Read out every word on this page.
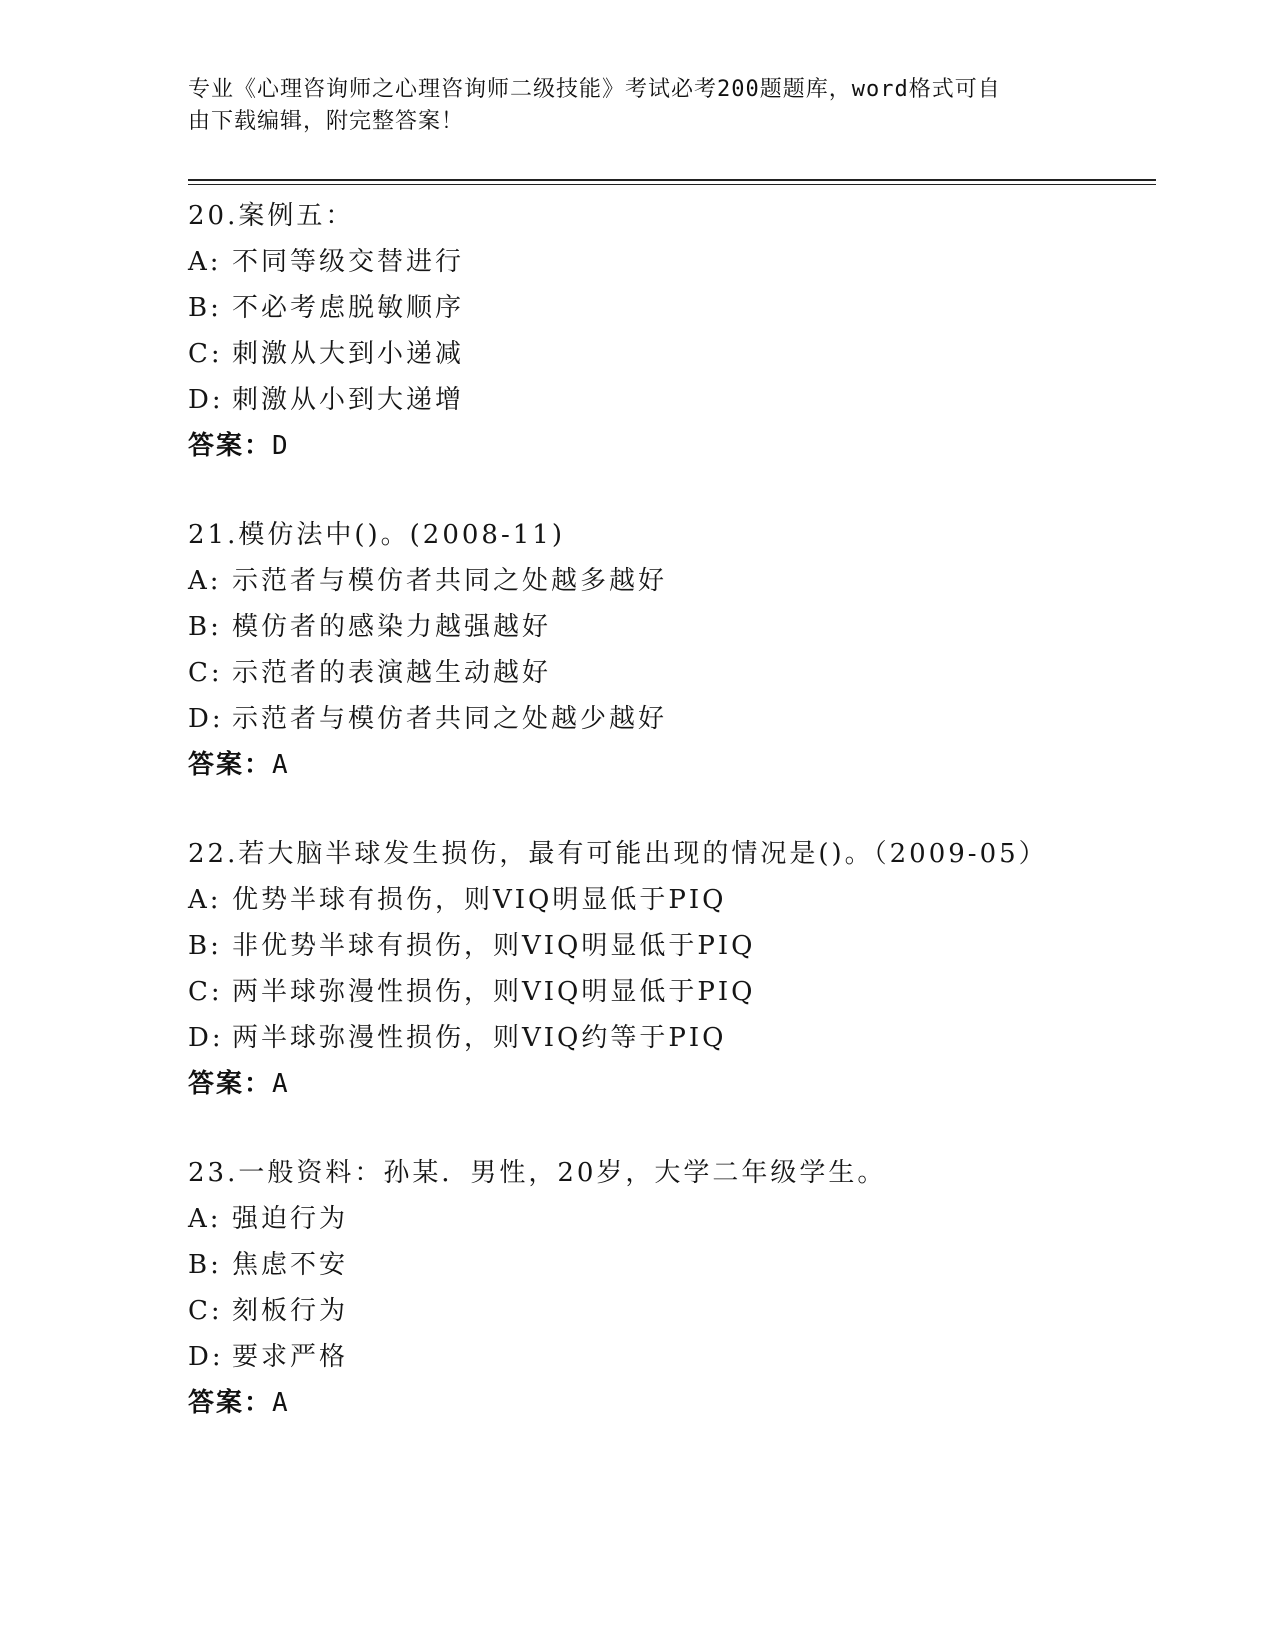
专业《心理咨询师之心理咨询师二级技能》考试必考200题题库，word格式可自
由下载编辑，附完整答案！
20.案例五：
A: 不同等级交替进行
B: 不必考虑脱敏顺序
C: 刺激从大到小递减
D: 刺激从小到大递增
答案：D
21.模仿法中()。(2008-11)
A: 示范者与模仿者共同之处越多越好
B: 模仿者的感染力越强越好
C: 示范者的表演越生动越好
D: 示范者与模仿者共同之处越少越好
答案：A
22.若大脑半球发生损伤，最有可能出现的情况是()。（2009-05）
A: 优势半球有损伤，则VIQ明显低于PIQ
B: 非优势半球有损伤，则VIQ明显低于PIQ
C: 两半球弥漫性损伤，则VIQ明显低于PIQ
D: 两半球弥漫性损伤，则VIQ约等于PIQ
答案：A
23.一般资料：孙某．男性，20岁，大学二年级学生。
A: 强迫行为
B: 焦虑不安
C: 刻板行为
D: 要求严格
答案：A
